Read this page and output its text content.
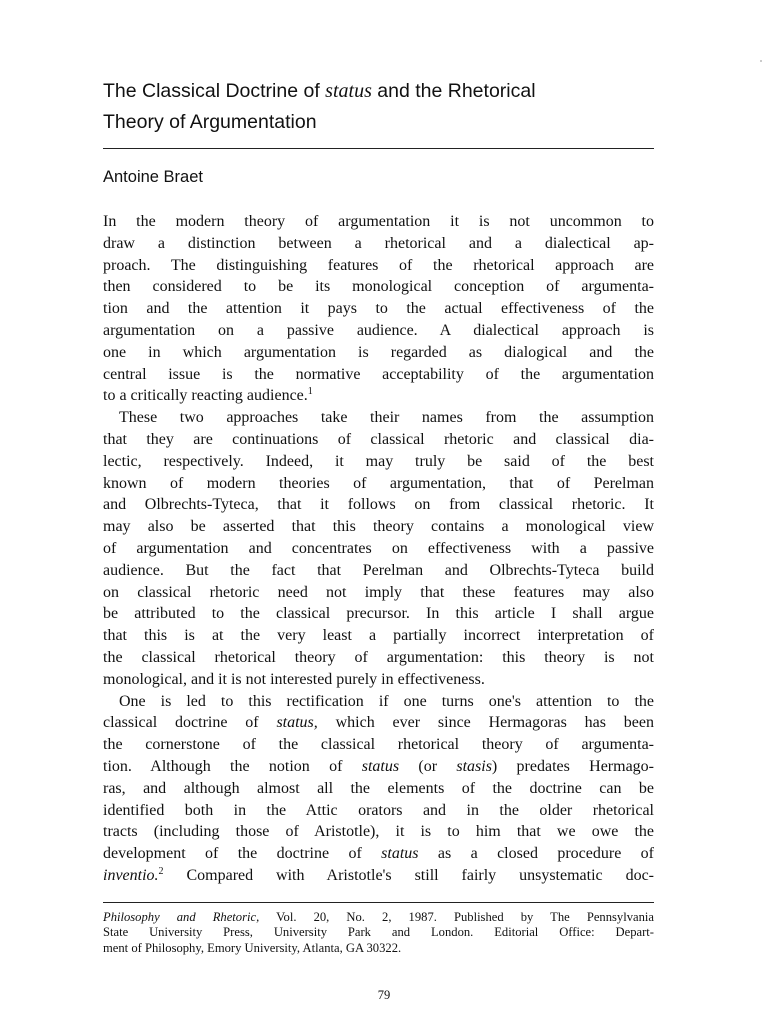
The Classical Doctrine of status and the Rhetorical
Theory of Argumentation
Antoine Braet
In the modern theory of argumentation it is not uncommon to
draw a distinction between a rhetorical and a dialectical ap-
proach. The distinguishing features of the rhetorical approach are
then considered to be its monological conception of argumenta-
tion and the attention it pays to the actual effectiveness of the
argumentation on a passive audience. A dialectical approach is
one in which argumentation is regarded as dialogical and the
central issue is the normative acceptability of the argumentation
to a critically reacting audience.$^1$
These two approaches take their names from the assumption
that they are continuations of classical rhetoric and classical dia-
lectic, respectively. Indeed, it may truly be said of the best
known of modern theories of argumentation, that of Perelman
and Olbrechts-Tyteca, that it follows on from classical rhetoric. It
may also be asserted that this theory contains a monological view
of argumentation and concentrates on effectiveness with a passive
audience. But the fact that Perelman and Olbrechts-Tyteca build
on classical rhetoric need not imply that these features may also
be attributed to the classical precursor. In this article I shall argue
that this is at the very least a partially incorrect interpretation of
the classical rhetorical theory of argumentation: this theory is not
monological, and it is not interested purely in effectiveness.
One is led to this rectification if one turns one's attention to the
classical doctrine of status, which ever since Hermagoras has been
the cornerstone of the classical rhetorical theory of argumenta-
tion. Although the notion of status (or stasis) predates Hermago-
ras, and although almost all the elements of the doctrine can be
identified both in the Attic orators and in the older rhetorical
tracts (including those of Aristotle), it is to him that we owe the
development of the doctrine of status as a closed procedure of
inventio.$^2$ Compared with Aristotle's still fairly unsystematic doc-
Philosophy and Rhetoric, Vol. 20, No. 2, 1987. Published by The Pennsylvania
State University Press, University Park and London. Editorial Office: Depart-
ment of Philosophy, Emory University, Atlanta, GA 30322.
79
